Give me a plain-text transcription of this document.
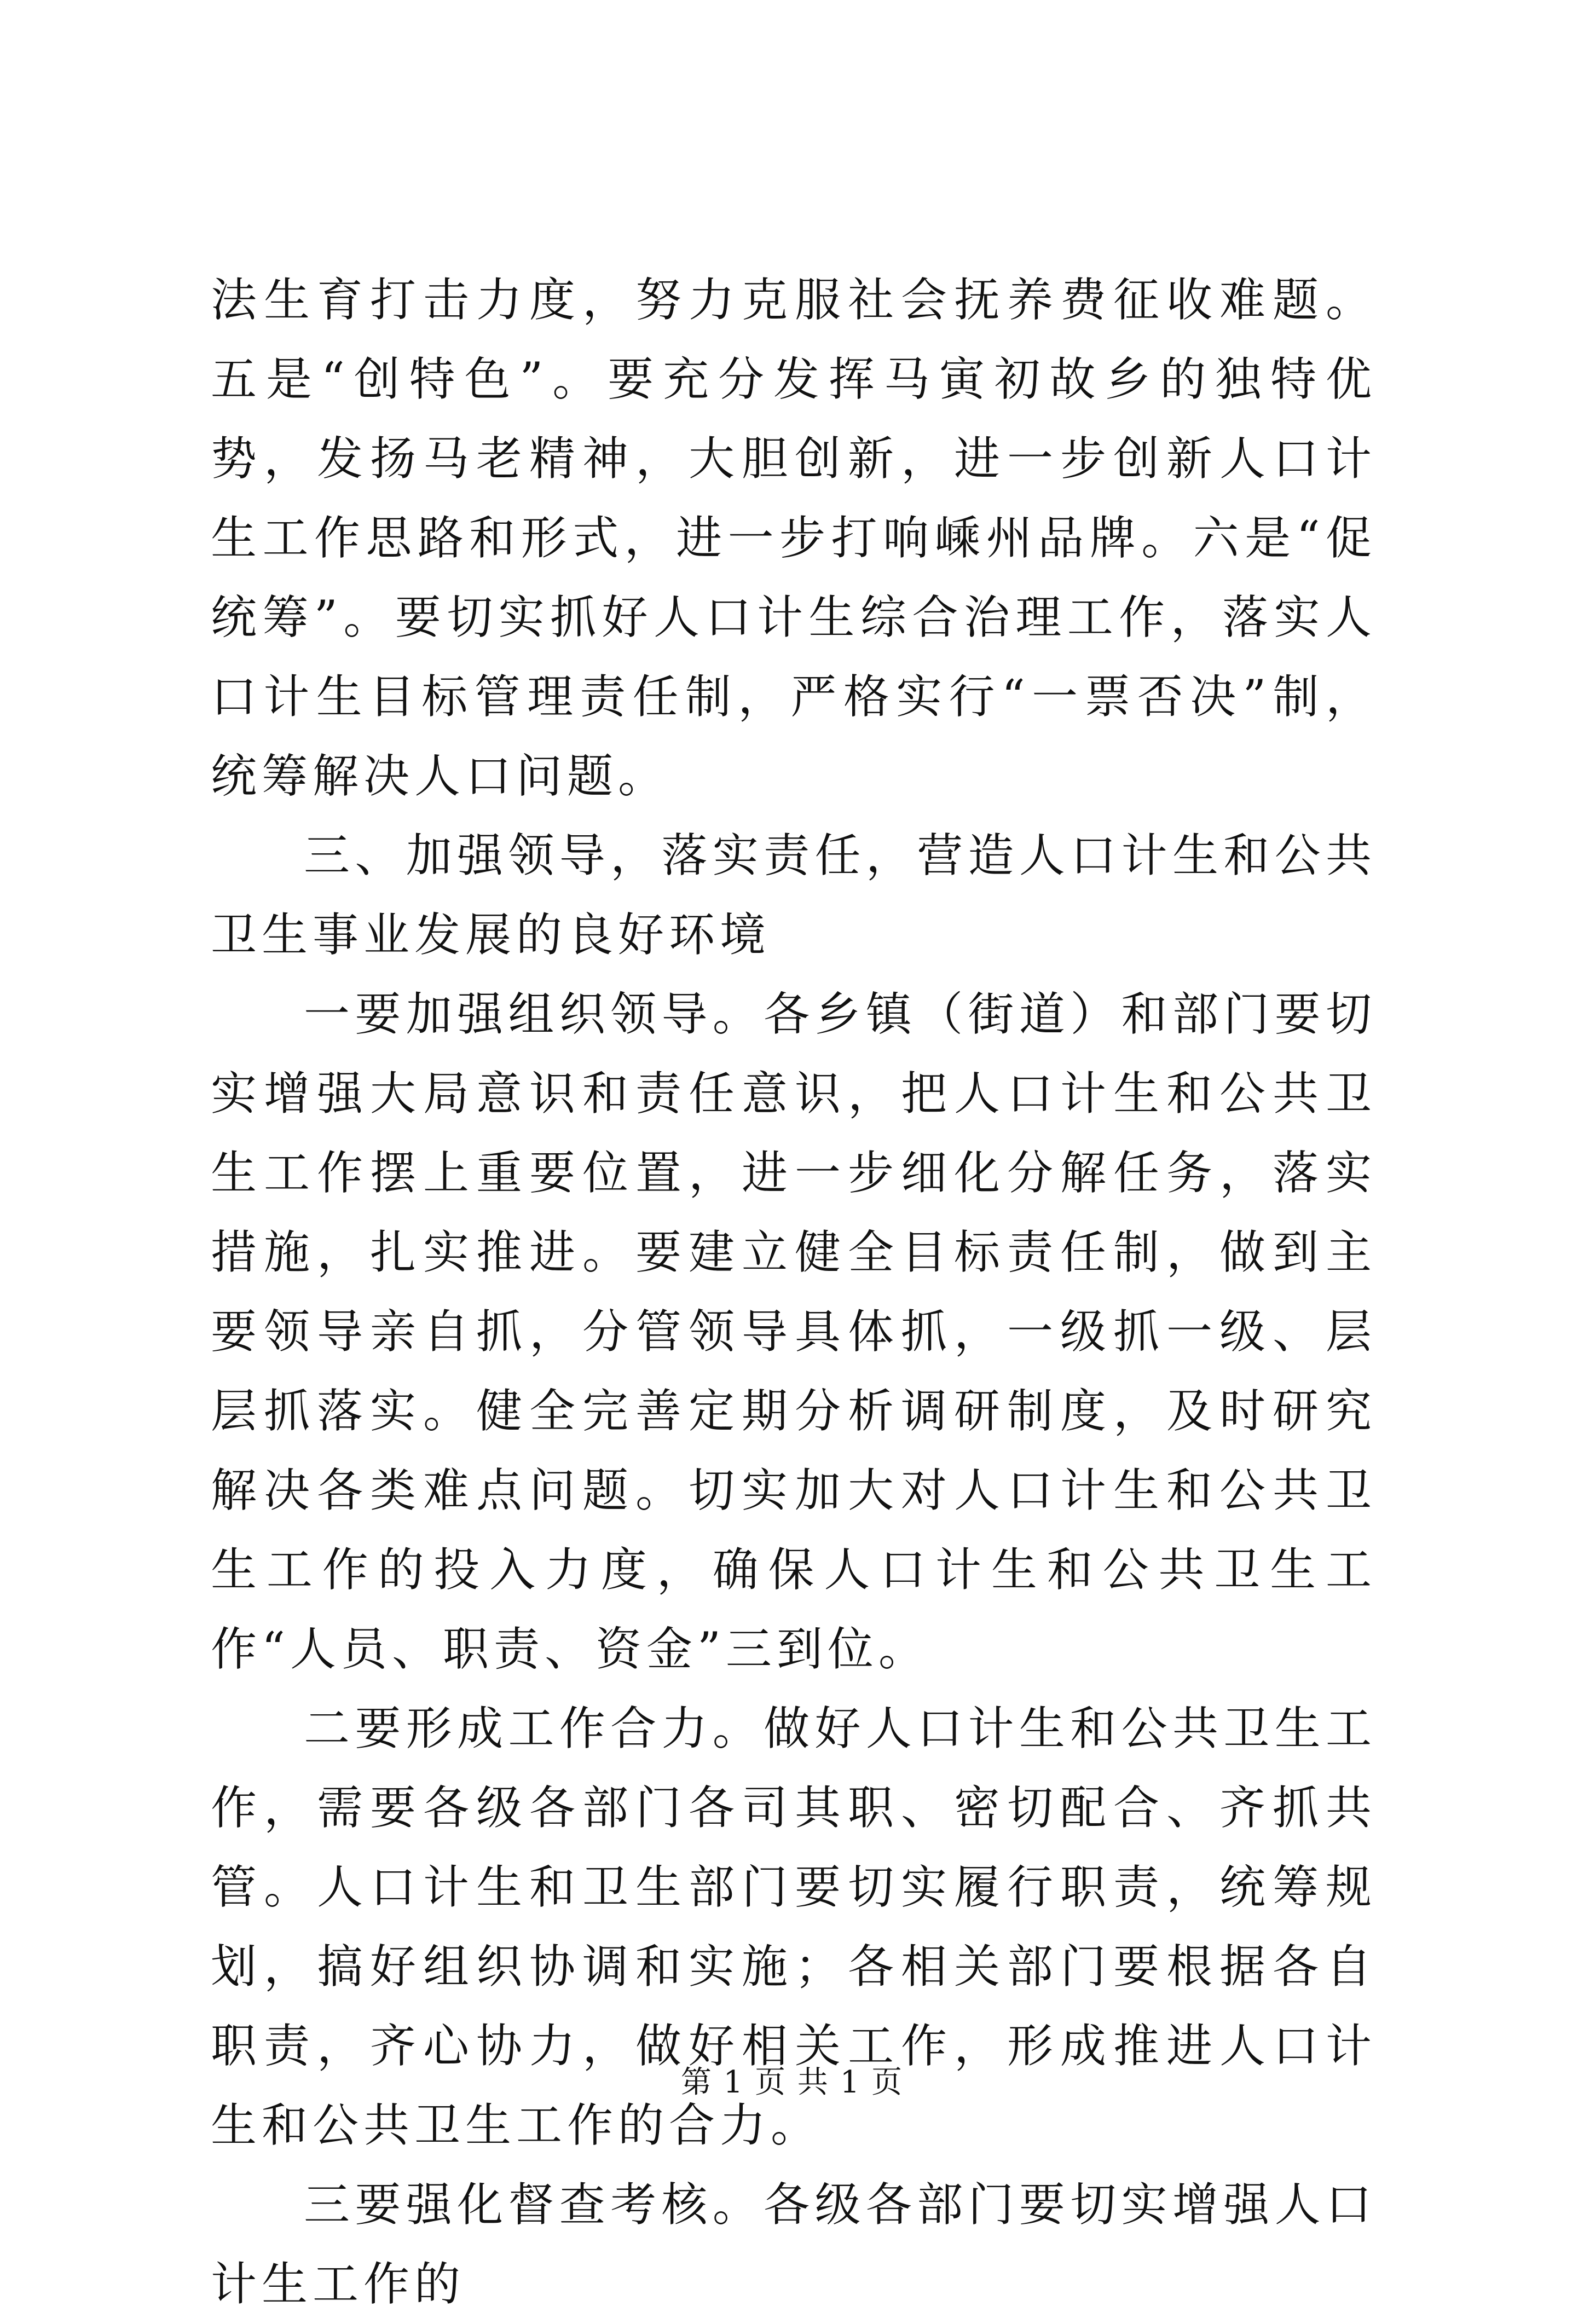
法生育打击力度，努力克服社会抚养费征收难题。五是“创特色”。要充分发挥马寅初故乡的独特优势，发扬马老精神，大胆创新，进一步创新人口计生工作思路和形式，进一步打响嵊州品牌。六是“促统筹”。要切实抓好人口计生综合治理工作，落实人口计生目标管理责任制，严格实行“一票否决”制，统筹解决人口问题。

三、加强领导，落实责任，营造人口计生和公共卫生事业发展的良好环境

一要加强组织领导。各乡镇（街道）和部门要切实增强大局意识和责任意识，把人口计生和公共卫生工作摆上重要位置，进一步细化分解任务，落实措施，扎实推进。要建立健全目标责任制，做到主要领导亲自抓，分管领导具体抓，一级抓一级、层层抓落实。健全完善定期分析调研制度，及时研究解决各类难点问题。切实加大对人口计生和公共卫生工作的投入力度，确保人口计生和公共卫生工作“人员、职责、资金”三到位。

二要形成工作合力。做好人口计生和公共卫生工作，需要各级各部门各司其职、密切配合、齐抓共管。人口计生和卫生部门要切实履行职责，统筹规划，搞好组织协调和实施；各相关部门要根据各自职责，齐心协力，做好相关工作，形成推进人口计生和公共卫生工作的合力。

三要强化督查考核。各级各部门要切实增强人口计生工作的

第 1 页 共 1 页
